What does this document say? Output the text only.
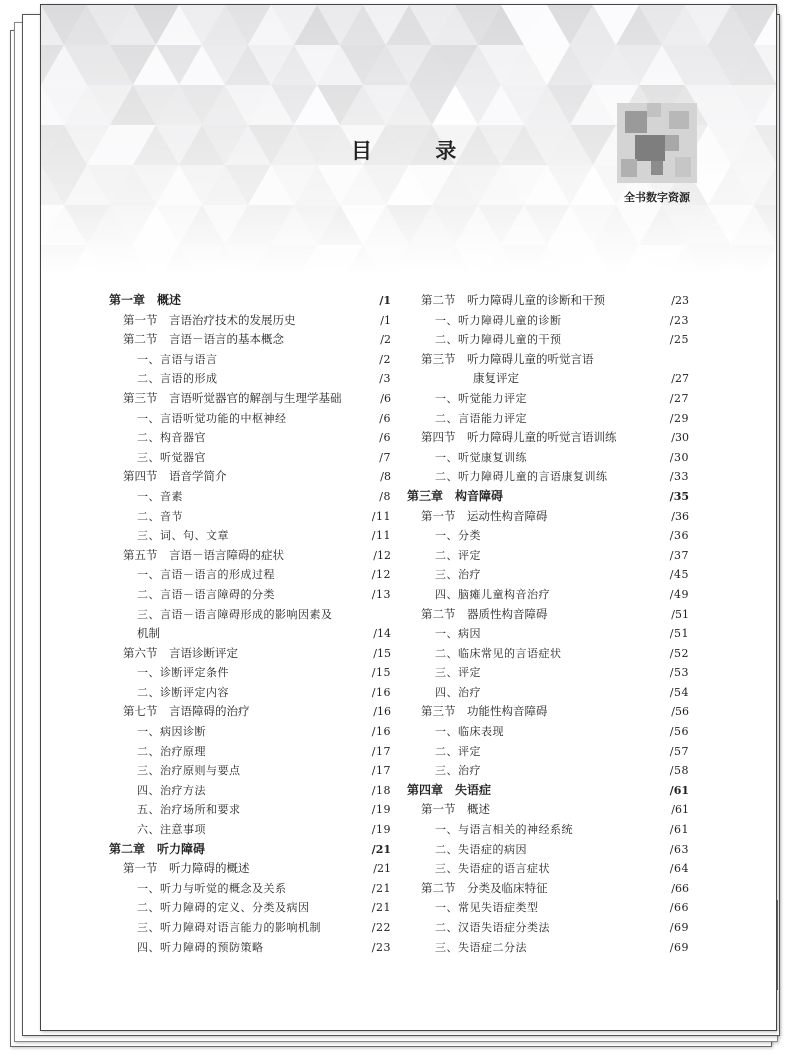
目 录
全书数字资源
第一章　概述	/1
第一节　言语治疗技术的发展历史	/1
第二节　言语－语言的基本概念	/2
一、言语与语言	/2
二、言语的形成	/3
第三节　言语听觉器官的解剖与生理学基础	/6
一、言语听觉功能的中枢神经	/6
二、构音器官	/6
三、听觉器官	/7
第四节　语音学简介	/8
一、音素	/8
二、音节	/11
三、词、句、文章	/11
第五节　言语－语言障碍的症状	/12
一、言语－语言的形成过程	/12
二、言语－语言障碍的分类	/13
三、言语－语言障碍形成的影响因素及
机制	/14
第六节　言语诊断评定	/15
一、诊断评定条件	/15
二、诊断评定内容	/16
第七节　言语障碍的治疗	/16
一、病因诊断	/16
二、治疗原理	/17
三、治疗原则与要点	/17
四、治疗方法	/18
五、治疗场所和要求	/19
六、注意事项	/19
第二章　听力障碍	/21
第一节　听力障碍的概述	/21
一、听力与听觉的概念及关系	/21
二、听力障碍的定义、分类及病因	/21
三、听力障碍对语言能力的影响机制	/22
四、听力障碍的预防策略	/23
第二节　听力障碍儿童的诊断和干预	/23
一、听力障碍儿童的诊断	/23
二、听力障碍儿童的干预	/25
第三节　听力障碍儿童的听觉言语
康复评定	/27
一、听觉能力评定	/27
二、言语能力评定	/29
第四节　听力障碍儿童的听觉言语训练	/30
一、听觉康复训练	/30
二、听力障碍儿童的言语康复训练	/33
第三章　构音障碍	/35
第一节　运动性构音障碍	/36
一、分类	/36
二、评定	/37
三、治疗	/45
四、脑瘫儿童构音治疗	/49
第二节　器质性构音障碍	/51
一、病因	/51
二、临床常见的言语症状	/52
三、评定	/53
四、治疗	/54
第三节　功能性构音障碍	/56
一、临床表现	/56
二、评定	/57
三、治疗	/58
第四章　失语症	/61
第一节　概述	/61
一、与语言相关的神经系统	/61
二、失语症的病因	/63
三、失语症的语言症状	/64
第二节　分类及临床特征	/66
一、常见失语症类型	/66
二、汉语失语症分类法	/69
三、失语症二分法	/69
